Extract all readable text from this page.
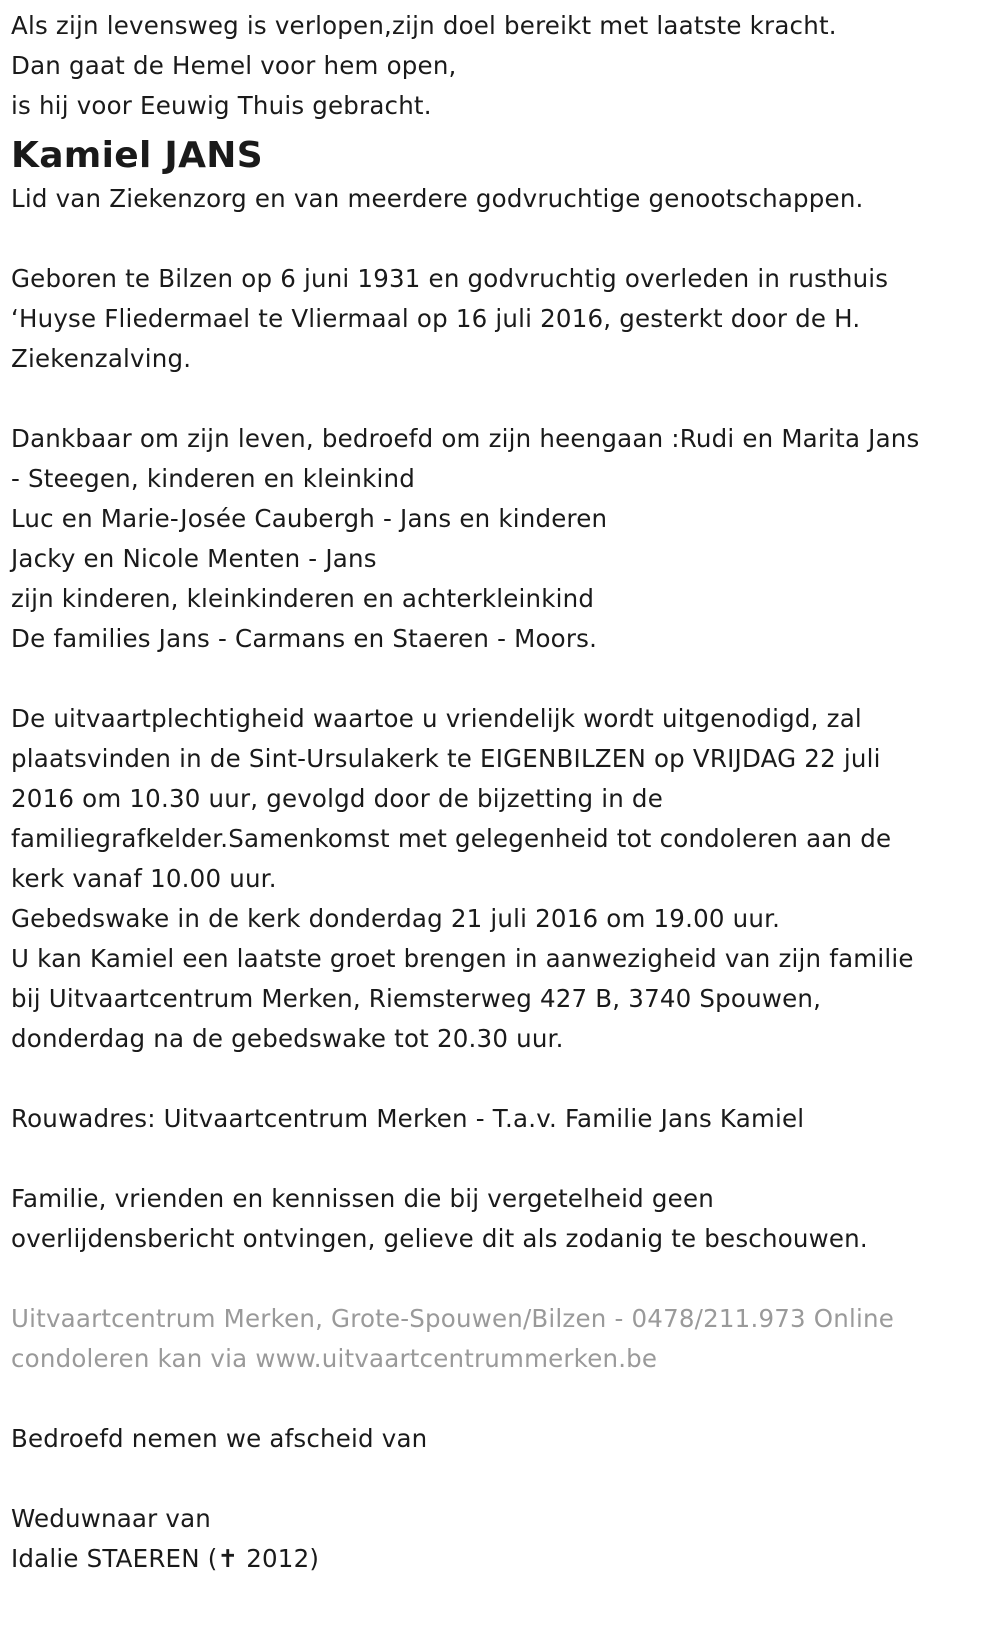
Als zijn levensweg is verlopen,zijn doel bereikt met laatste kracht.
Dan gaat de Hemel voor hem open,
is hij voor Eeuwig Thuis gebracht.
Kamiel JANS
Lid van Ziekenzorg en van meerdere godvruchtige genootschappen.
Geboren te Bilzen op 6 juni 1931 en godvruchtig overleden in rusthuis
‘Huyse Fliedermael te Vliermaal op 16 juli 2016, gesterkt door de H.
Ziekenzalving.
Dankbaar om zijn leven, bedroefd om zijn heengaan :Rudi en Marita Jans
- Steegen, kinderen en kleinkind
Luc en Marie-Josée Caubergh - Jans en kinderen
Jacky en Nicole Menten - Jans
zijn kinderen, kleinkinderen en achterkleinkind
De families Jans - Carmans en Staeren - Moors.
De uitvaartplechtigheid waartoe u vriendelijk wordt uitgenodigd, zal
plaatsvinden in de Sint-Ursulakerk te EIGENBILZEN op VRIJDAG 22 juli
2016 om 10.30 uur, gevolgd door de bijzetting in de
familiegrafkelder.Samenkomst met gelegenheid tot condoleren aan de
kerk vanaf 10.00 uur.
Gebedswake in de kerk donderdag 21 juli 2016 om 19.00 uur.
U kan Kamiel een laatste groet brengen in aanwezigheid van zijn familie
bij Uitvaartcentrum Merken, Riemsterweg 427 B, 3740 Spouwen,
donderdag na de gebedswake tot 20.30 uur.
Rouwadres: Uitvaartcentrum Merken - T.a.v. Familie Jans Kamiel
Familie, vrienden en kennissen die bij vergetelheid geen
overlijdensbericht ontvingen, gelieve dit als zodanig te beschouwen.
Uitvaartcentrum Merken, Grote-Spouwen/Bilzen - 0478/211.973 Online
condoleren kan via www.uitvaartcentrummerken.be
Bedroefd nemen we afscheid van
Weduwnaar van
Idalie STAEREN (✝ 2012)
